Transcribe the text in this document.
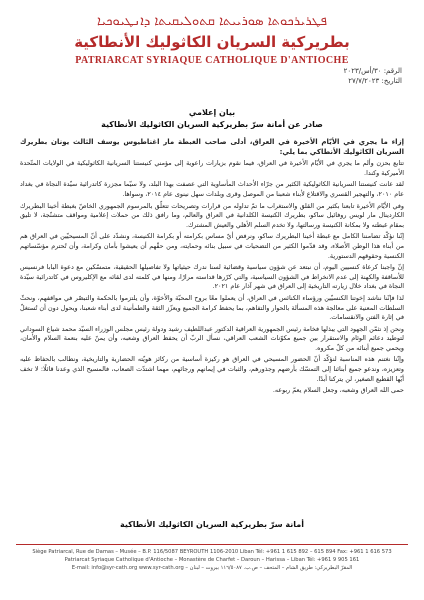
ܦܛܪܝܪܟܘܬܐ ܣܘܪܝܝܬܐ ܩܬܘܠܝܩܝܬܐ ܕܐܢܛܝܘܟܝܐ
بطريركية السريان الكاثوليك الأنطاكية
PATRIARCAT SYRIAQUE CATHOLIQUE D'ANTIOCHE
الرقم: ٣٠/أس/٢٠٢٣
التاريخ: ٢٧/٧/٢٠٢٣
بيان إعلامي
صادر عن أمانة سرّ بطريركية السريان الكاثوليك الأنطاكية

إزاء ما يجري في الأيّام الأخيرة في العراق، أدلى صاحب الغبطة مار اغناطيوس يوسف الثالث يونان بطريرك السريان الكاثوليك الأنطاكي بما يلي:

تتابع بحزن وألم ما يجري في الأيّام الأخيرة في العراق، فيما نقوم بزيارات راعوية إلى مؤمني كنيستنا السريانية الكاثوليكية في الولايات المتّحدة الأميركية وكندا.

لقد عانت كنيستنا السريانية الكاثوليكية الكثير من جرّاء الأحداث المأساوية التي عصفت بهذا البلد، ولا سيّما مجزرة كاتدرائية سيّدة النجاة في بغداد عام ٢٠١٠، والتهجير القسري والاقتلاع لأبناء شعبنا من الموصل وقرى وبلدات سهل نينوى عام ٢٠١٤، وسواها.

وفي الأيّام الأخيرة تابعنا بكثير من القلق والاستغراب ما تمّ تداوله من قرارات وتصريحات تتعلّق بالمرسوم الجمهوري الخاصّ بغبطة أخينا البطريرك الكاردينال مار لويس روفائيل ساكو، بطريرك الكنيسة الكلدانية في العراق والعالم، وما رافق ذلك من حملات إعلامية ومواقف متشنّجة، لا تليق بمقام غبطته ولا بمكانة الكنيسة ورسالتها، ولا تخدم السلم الأهلي والعيش المشترك.

إنّنا نؤكّد تضامننا الكامل مع غبطة أخينا البطريرك ساكو، ونرفض أيّ مساس بكرامته أو بكرامة الكنيسة، ونشدّد على أنّ المسيحيّين في العراق هم من أبناء هذا الوطن الأصلاء، وقد قدّموا الكثير من التضحيات في سبيل بنائه وحمايته، ومن حقّهم أن يعيشوا بأمان وكرامة، وأن تُحترم مؤسّساتهم الكنسية وحقوقهم الدستورية.

إنّ واجبنا كرعاة كنسيين اليوم، أن نبتعد عن شؤون سياسية وقضائية لسنا ندرك حيثياتها ولا تفاصيلها الحقيقية، متمسّكين مع دعوة البابا فرنسيس للأساقفة والكهنة إلى عدم الانخراط في الشؤون السياسية، والتي كرّرها قداسته مرارًا، ومنها في كلمته لدى لقائه مع الإكليروس في كاتدرائية سيّدة النجاة في بغداد خلال زيارته التاريخية إلى العراق في شهر آذار عام ٢٠٢١.

لذا فإنّنا نناشد إخوتنا الكنسيّين ورؤساء الكنائس في العراق، أن يعملوا معًا بروح المحبّة والأخوّة، وأن يلتزموا بالحكمة والتبصّر في مواقفهم، ونحثّ السلطات المعنية على معالجة هذه المسألة بالحوار والتفاهم، بما يحفظ كرامة الجميع ويعزّز الثقة والطمأنينة لدى أبناء شعبنا، ويحول دون أن تُستغلّ في إثارة الفتن والانقسامات.

ونحن إذ نثمّن الجهود التي يبذلها فخامة رئيس الجمهورية العراقية الدكتور عبداللطيف رشيد ودولة رئيس مجلس الوزراء السيّد محمد شياع السوداني لتوطيد دعائم الوئام والاستقرار بين جميع مكوّنات الشعب العراقي، نسأل الربّ أن يحفظ العراق وشعبه، وأن يمنّ عليه بنعمة السلام والأمان، ويحمي جميع أبنائه من كلّ مكروه.

وإنّنا نغتنم هذه المناسبة لنؤكّد أنّ الحضور المسيحي في العراق هو ركيزة أساسية من ركائز هويّته الحضارية والتاريخية، ونطالب بالحفاظ عليه وتعزيزه، وندعو جميع أبنائنا إلى التمسّك بأرضهم وجذورهم، والثبات في إيمانهم ورجائهم، مهما اشتدّت الصعاب، فالمسيح الذي وعدنا قائلًا: لا تخف أيّها القطيع الصغير، لن يتركنا أبدًا.

حمى الله العراق وشعبه، وجعل السلام يعمّ ربوعه.

أمانة سرّ بطريركية السريان الكاثوليك الأنطاكية
Siège Patriarcal, Rue de Damas – Musée – B.P. 116/5087 BEYROUTH 1106-2010 Liban Tél: +961 1 615 892 – 615 894 Fax: +961 1 616 573
Patriarcat Syriaque Catholique d'Antioche – Monastère de Charfet – Daroun – Harissa – Liban Tél: +961 9 905 161
المقرّ البطريركي: طريق الشام – المتحف – ص.ب. ١١٦/٥٠٨٧ بيروت – لبنان – E-mail: info@syr-cath.org www.syr-cath.org
